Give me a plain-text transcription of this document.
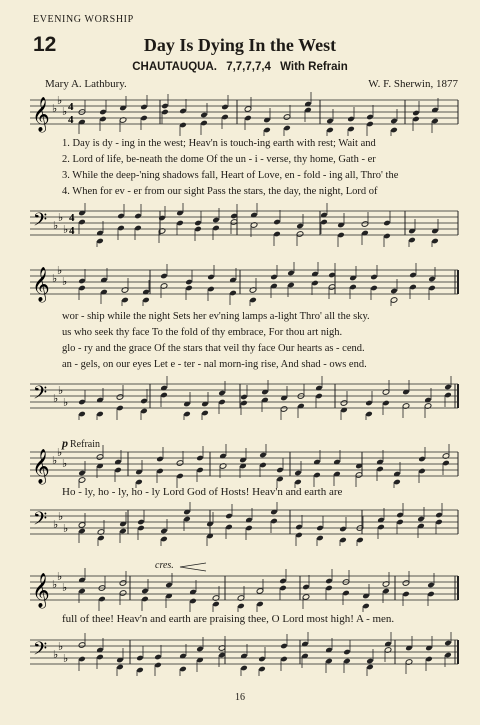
EVENING WORSHIP
12	Day Is Dying In the West
CHAUTAUQUA. 7,7,7,7,4 With Refrain
Mary A. Lathbury.	W. F. Sherwin, 1877
𝄞 ♭
♭
♭ 4
4
1. Day is dy - ing in the west; Heav'n is touch-ing earth with rest; Wait and
2. Lord of life, be-neath the dome Of the un - i - verse, thy home, Gath - er
3. While the deep-'ning shadows fall, Heart of Love, en - fold - ing all, Thro' the
4. When for ev - er from our sight Pass the stars, the day, the night, Lord of
𝄢 ♭
♭
♭
4
4
𝄞 ♭
♭
♭
wor - ship while the night Sets her ev'ning lamps a-light Thro' all the sky.
us who seek thy face To the fold of thy embrace, For thou art nigh.
glo - ry and the grace Of the stars that veil thy face Our hearts as - cend.
an - gels, on our eyes Let e - ter - nal morn-ing rise, And shad - ows end.
𝄢 ♭
♭
♭
p Refrain
𝄞 ♭
♭
♭
Ho - ly, ho - ly, ho - ly Lord God of Hosts! Heav'n and earth are
𝄢 ♭
♭
♭
cres.
𝄞 ♭
♭
♭
full of thee! Heav'n and earth are praising thee, O Lord most high! A - men.
𝄢 ♭
♭
♭
16
